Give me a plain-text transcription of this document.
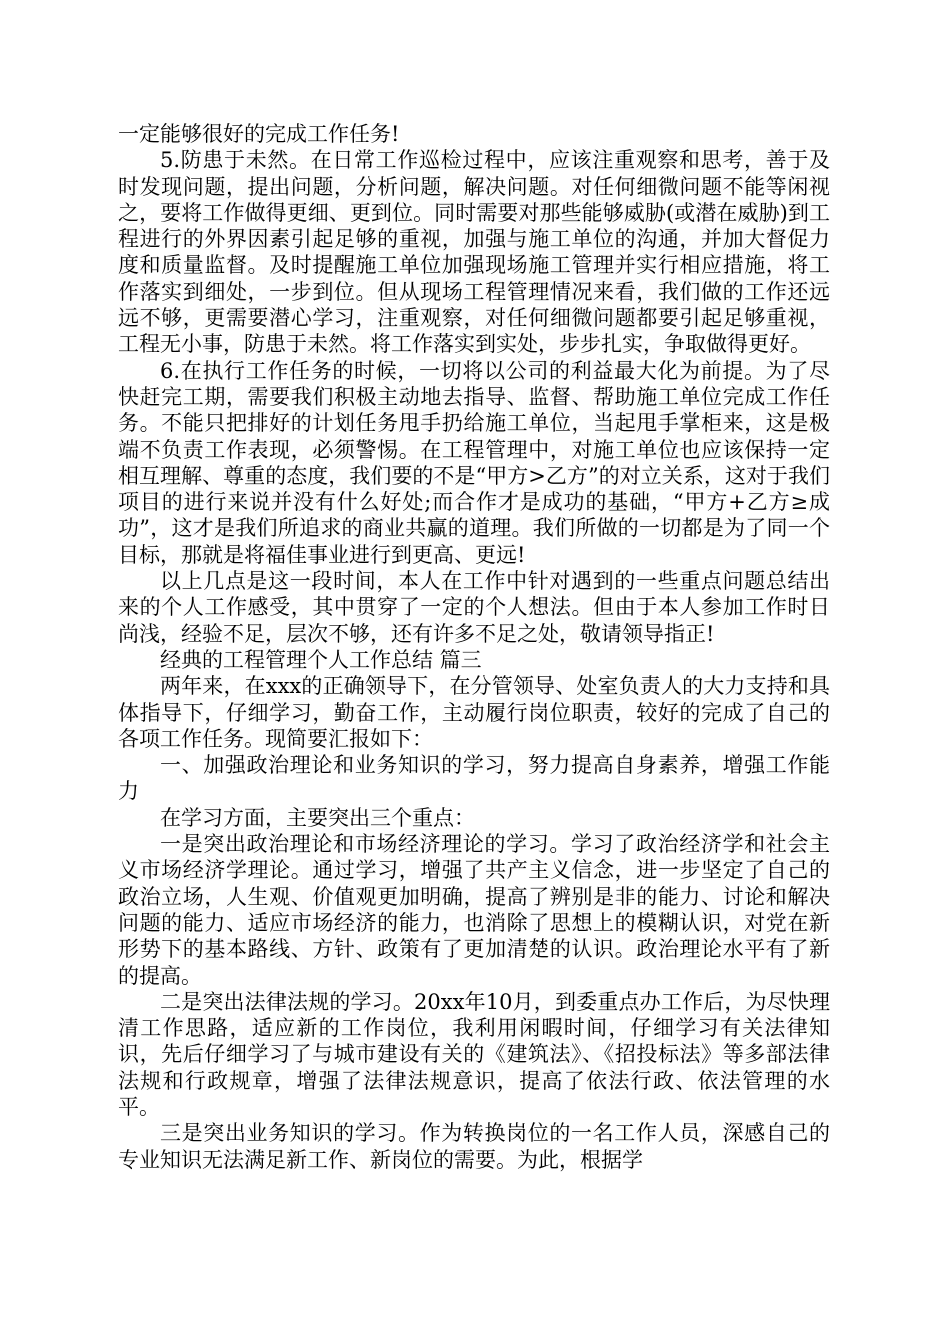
一定能够很好的完成工作任务!

5.防患于未然。在日常工作巡检过程中，应该注重观察和思考，善于及时发现问题，提出问题，分析问题，解决问题。对任何细微问题不能等闲视之，要将工作做得更细、更到位。同时需要对那些能够威胁(或潜在威胁)到工程进行的外界因素引起足够的重视，加强与施工单位的沟通，并加大督促力度和质量监督。及时提醒施工单位加强现场施工管理并实行相应措施，将工作落实到细处，一步到位。但从现场工程管理情况来看，我们做的工作还远远不够，更需要潜心学习，注重观察，对任何细微问题都要引起足够重视，工程无小事，防患于未然。将工作落实到实处，步步扎实，争取做得更好。

6.在执行工作任务的时候，一切将以公司的利益最大化为前提。为了尽快赶完工期，需要我们积极主动地去指导、监督、帮助施工单位完成工作任务。不能只把排好的计划任务甩手扔给施工单位，当起甩手掌柜来，这是极端不负责工作表现，必须警惕。在工程管理中，对施工单位也应该保持一定相互理解、尊重的态度，我们要的不是“甲方>乙方”的对立关系，这对于我们项目的进行来说并没有什么好处;而合作才是成功的基础，“甲方+乙方≥成功”，这才是我们所追求的商业共赢的道理。我们所做的一切都是为了同一个目标，那就是将福佳事业进行到更高、更远!

以上几点是这一段时间，本人在工作中针对遇到的一些重点问题总结出来的个人工作感受，其中贯穿了一定的个人想法。但由于本人参加工作时日尚浅，经验不足，层次不够，还有许多不足之处，敬请领导指正!

经典的工程管理个人工作总结 篇三

两年来，在xxx的正确领导下，在分管领导、处室负责人的大力支持和具体指导下，仔细学习，勤奋工作，主动履行岗位职责，较好的完成了自己的各项工作任务。现简要汇报如下：

一、加强政治理论和业务知识的学习，努力提高自身素养，增强工作能力

在学习方面，主要突出三个重点：

一是突出政治理论和市场经济理论的学习。学习了政治经济学和社会主义市场经济学理论。通过学习，增强了共产主义信念，进一步坚定了自己的政治立场，人生观、价值观更加明确，提高了辨别是非的能力、讨论和解决问题的能力、适应市场经济的能力，也消除了思想上的模糊认识，对党在新形势下的基本路线、方针、政策有了更加清楚的认识。政治理论水平有了新的提高。

二是突出法律法规的学习。20xx年10月，到委重点办工作后，为尽快理清工作思路，适应新的工作岗位，我利用闲暇时间，仔细学习有关法律知识，先后仔细学习了与城市建设有关的《建筑法》、《招投标法》等多部法律法规和行政规章，增强了法律法规意识，提高了依法行政、依法管理的水平。

三是突出业务知识的学习。作为转换岗位的一名工作人员，深感自己的专业知识无法满足新工作、新岗位的需要。为此，根据学
